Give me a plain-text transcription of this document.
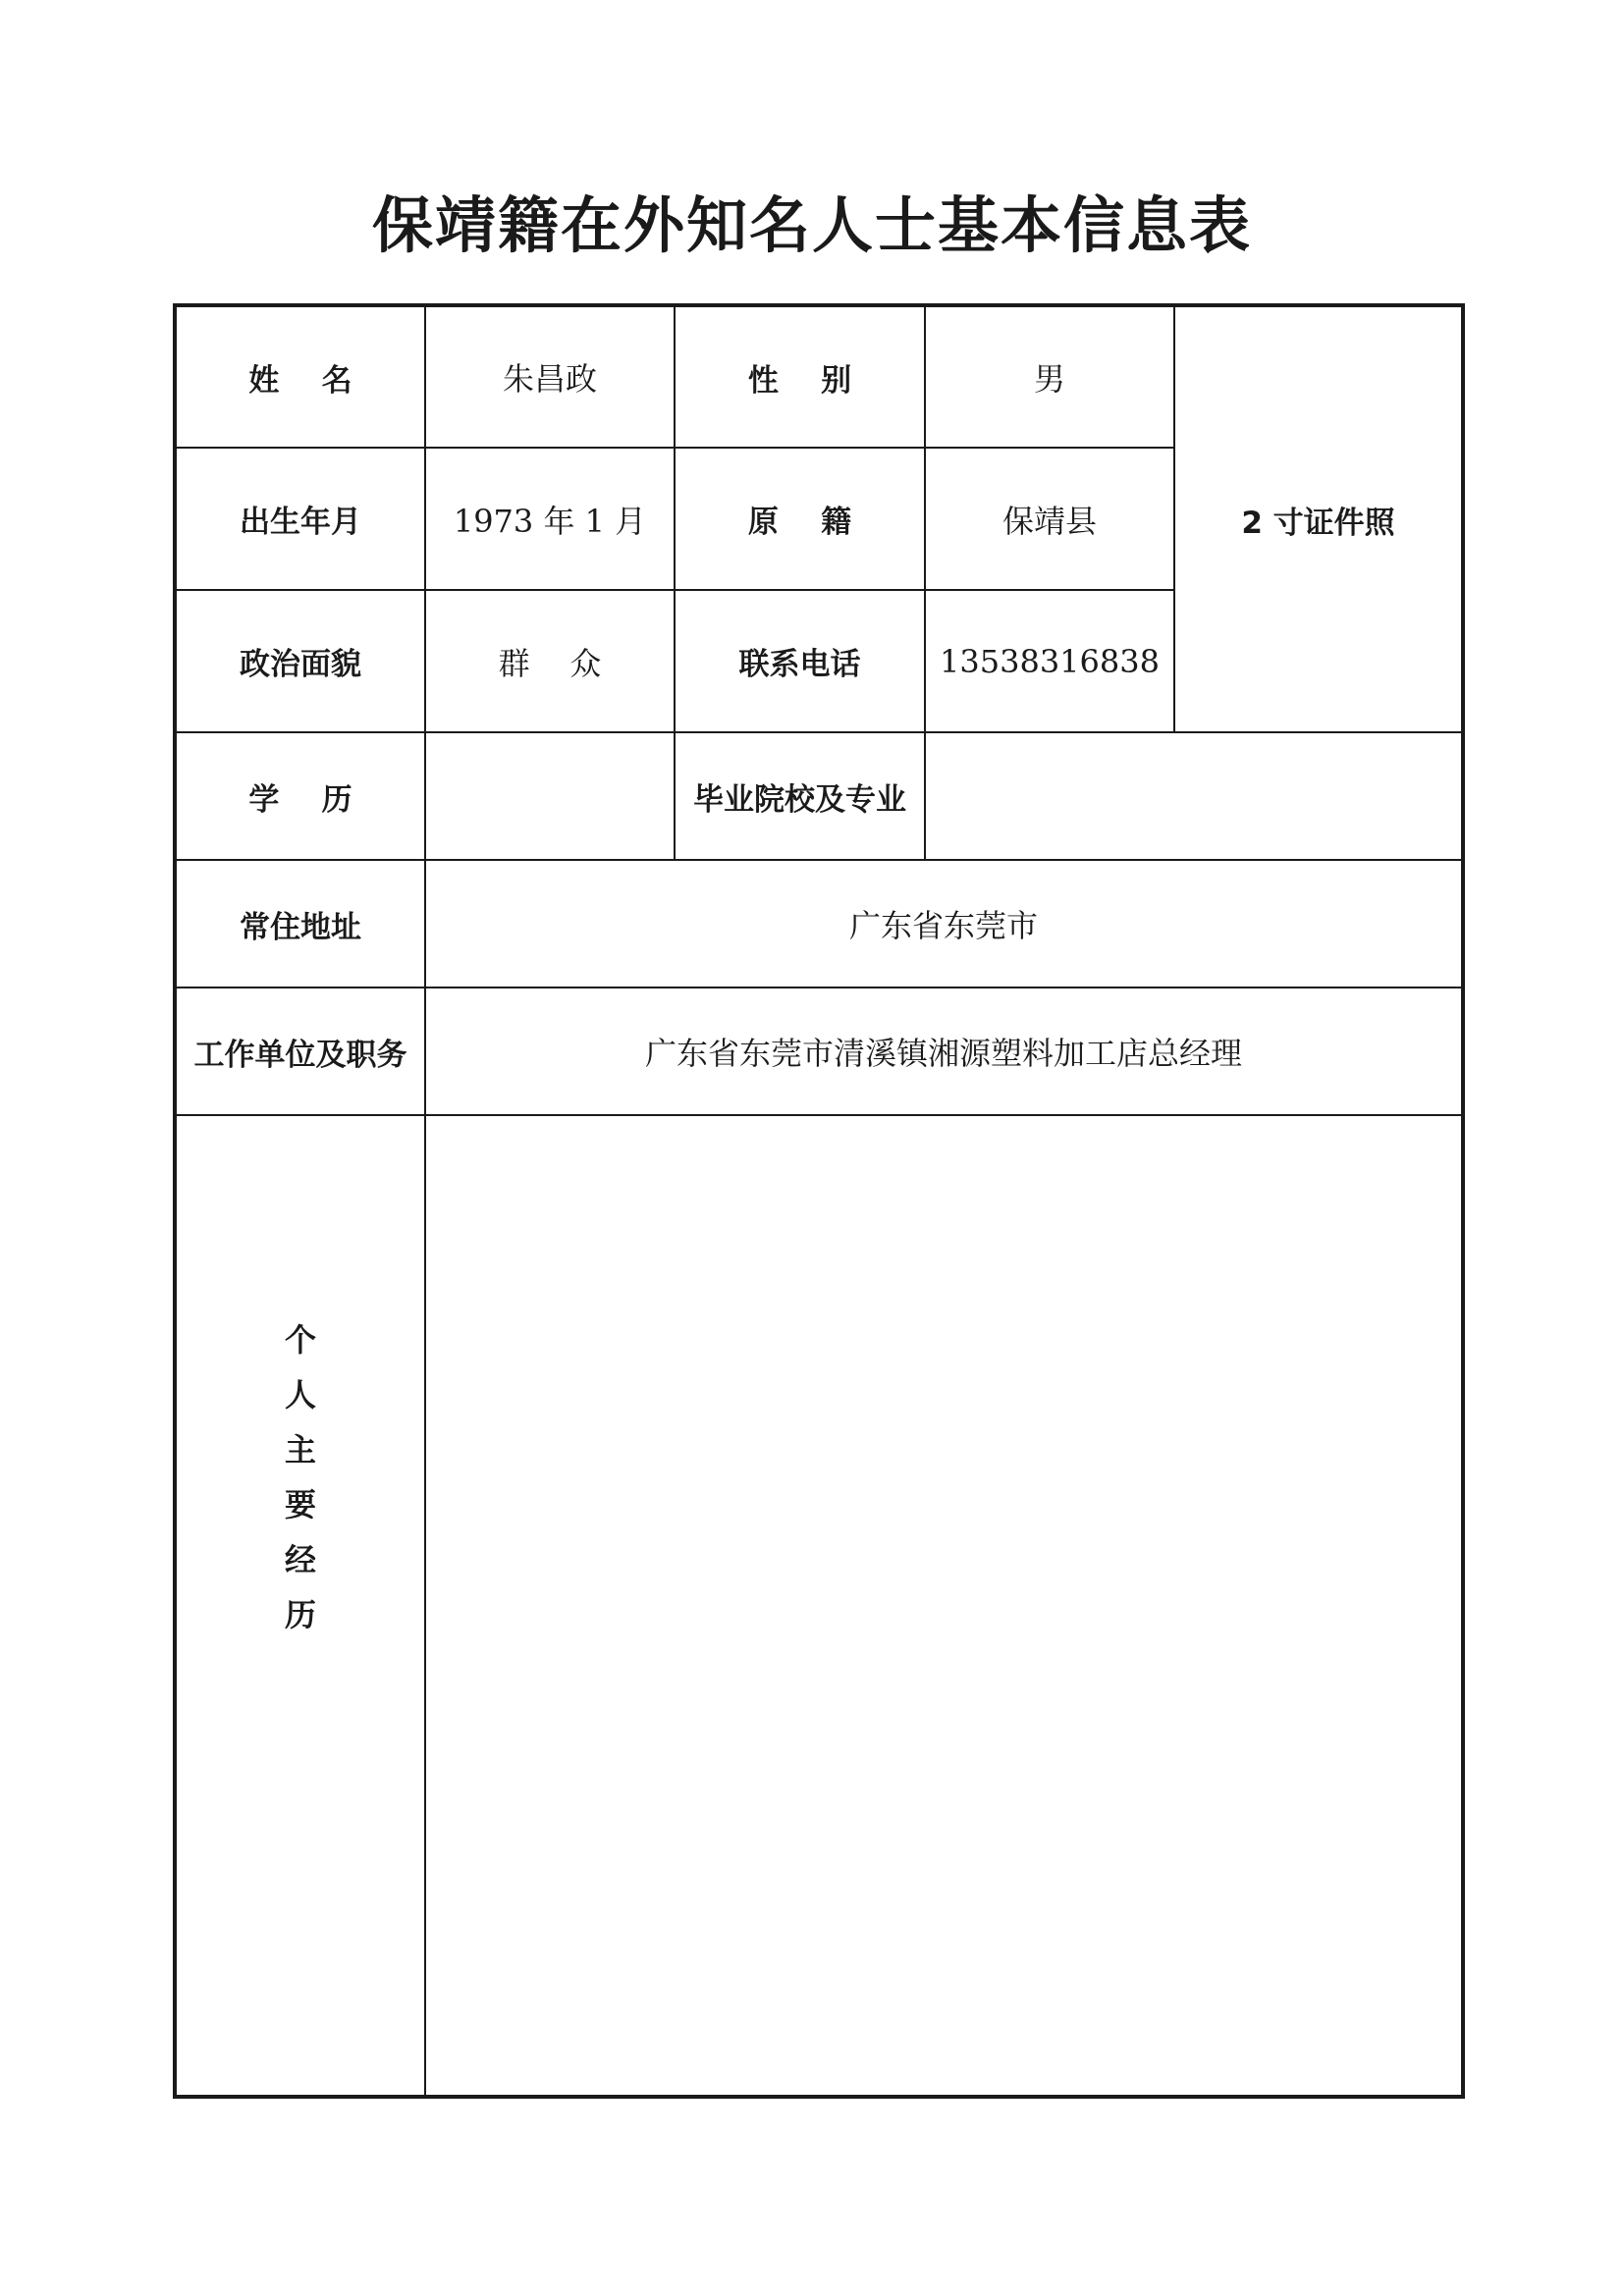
保靖籍在外知名人士基本信息表
姓    名	朱昌政	性    别	男	2 寸证件照
出生年月	1973 年 1 月	原    籍	保靖县	
政治面貌	群    众	联系电话	13538316838	
学    历		毕业院校及专业		
常住地址	广东省东莞市			
工作单位及职务	广东省东莞市清溪镇湘源塑料加工店总经理			
个人主要经历				
